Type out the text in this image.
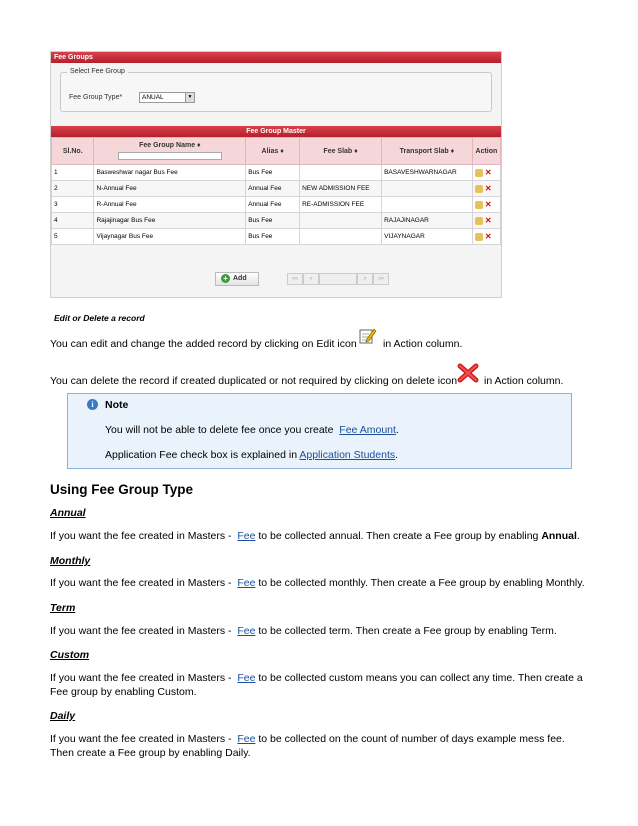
Fee Groups
Select Fee Group
Fee Group Type*	ANUAL	▼
Fee Group Master
Sl.No.	Fee Group Name ♦	Alias ♦	Fee Slab ♦	Transport Slab ♦	Action
1	Basweshwar nagar Bus Fee	Bus Fee		BASAVESHWARNAGAR	✕
2	N-Annual Fee	Annual Fee	NEW ADMISSION FEE		✕
3	R-Annual Fee	Annual Fee	RE-ADMISSION FEE		✕
4	Rajajinagar Bus Fee	Bus Fee		RAJAJINAGAR	✕
5	Vijaynagar Bus Fee	Bus Fee		VIJAYNAGAR	✕
+ Add	<<	<	>	>>
Edit or Delete a record
You can edit and change the added record by clicking on Edit icon	in Action column.
You can delete the record if created duplicated or not required by clicking on delete icon	in Action column.
i	Note
You will not be able to delete fee once you create Fee Amount.
Application Fee check box is explained in Application Students.
Using Fee Group Type
Annual
If you want the fee created in Masters - Fee to be collected annual. Then create a Fee group by enabling Annual.
Monthly
If you want the fee created in Masters - Fee to be collected monthly. Then create a Fee group by enabling Monthly.
Term
If you want the fee created in Masters - Fee to be collected term. Then create a Fee group by enabling Term.
Custom
If you want the fee created in Masters - Fee to be collected custom means you can collect any time. Then create a
Fee group by enabling Custom.
Daily
If you want the fee created in Masters - Fee to be collected on the count of number of days example mess fee.
Then create a Fee group by enabling Daily.
